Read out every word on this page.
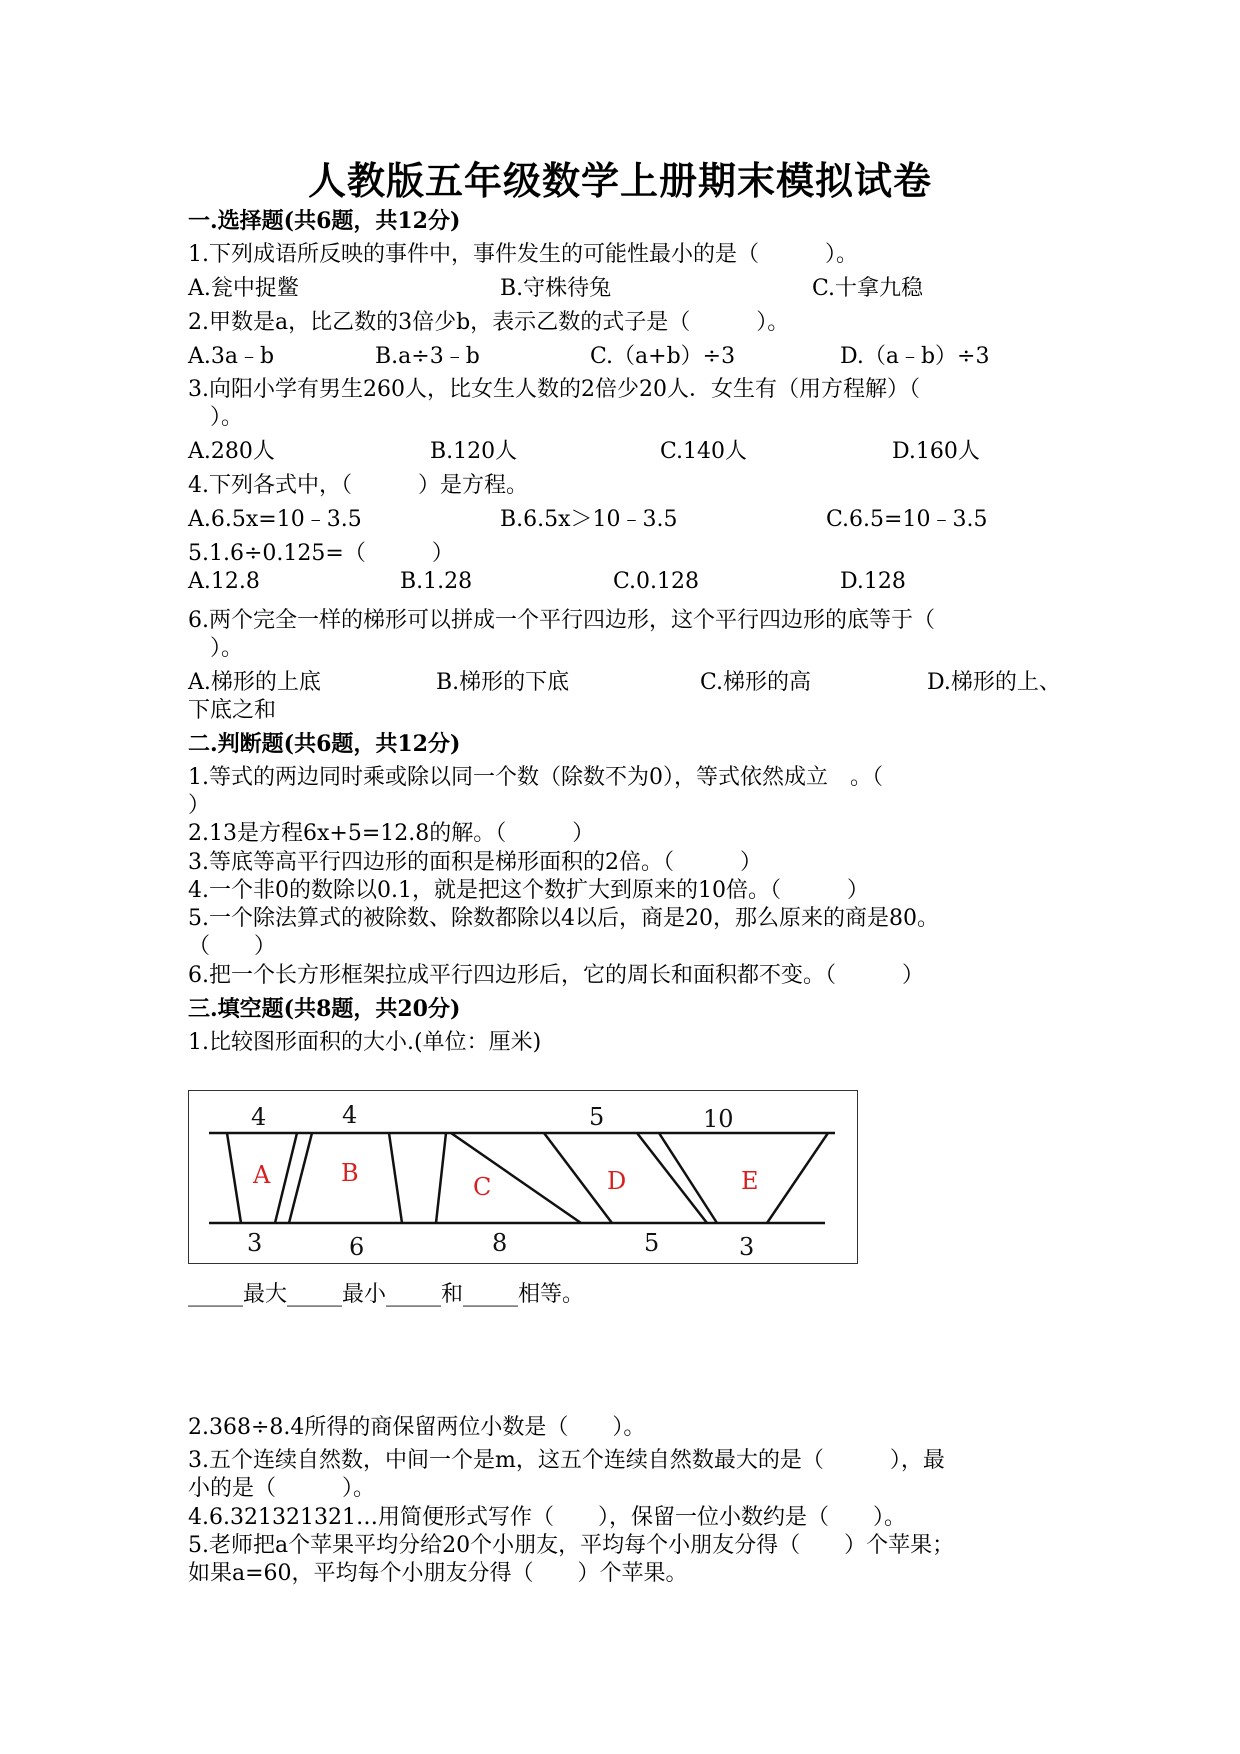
人教版五年级数学上册期末模拟试卷
一.选择题(共6题，共12分)
1.下列成语所反映的事件中，事件发生的可能性最小的是（　　　）。
A.瓮中捉鳖	B.守株待兔	C.十拿九稳
2.甲数是a，比乙数的3倍少b，表示乙数的式子是（　　　）。
A.3a﹣b	B.a÷3﹣b	C.（a+b）÷3	D.（a﹣b）÷3
3.向阳小学有男生260人，比女生人数的2倍少20人．女生有（用方程解）（
　）。
A.280人	B.120人	C.140人	D.160人
4.下列各式中，（　　　）是方程。
A.6.5x=10﹣3.5	B.6.5x＞10﹣3.5	C.6.5=10﹣3.5
5.1.6÷0.125=（　　　）
A.12.8	B.1.28	C.0.128	D.128
6.两个完全一样的梯形可以拼成一个平行四边形，这个平行四边形的底等于（
　）。
A.梯形的上底	B.梯形的下底	C.梯形的高	D.梯形的上、
下底之和
二.判断题(共6题，共12分)
1.等式的两边同时乘或除以同一个数（除数不为0），等式依然成立　。（
）
2.13是方程6x+5=12.8的解。（　　　）
3.等底等高平行四边形的面积是梯形面积的2倍。（　　　）
4.一个非0的数除以0.1，就是把这个数扩大到原来的10倍。（　　　）
5.一个除法算式的被除数、除数都除以4以后，商是20，那么原来的商是80。
（　　）
6.把一个长方形框架拉成平行四边形后，它的周长和面积都不变。（　　　）
三.填空题(共8题，共20分)
1.比较图形面积的大小.(单位：厘米)
4	4	5	10
A	B	C	D	E
3	6	8	5	3
_____最大_____最小_____和_____相等。
2.368÷8.4所得的商保留两位小数是（　　）。
3.五个连续自然数，中间一个是m，这五个连续自然数最大的是（　　　），最
小的是（　　　）。
4.6.321321321…用简便形式写作（　　），保留一位小数约是（　　）。
5.老师把a个苹果平均分给20个小朋友，平均每个小朋友分得（　　）个苹果；
如果a=60，平均每个小朋友分得（　　）个苹果。
